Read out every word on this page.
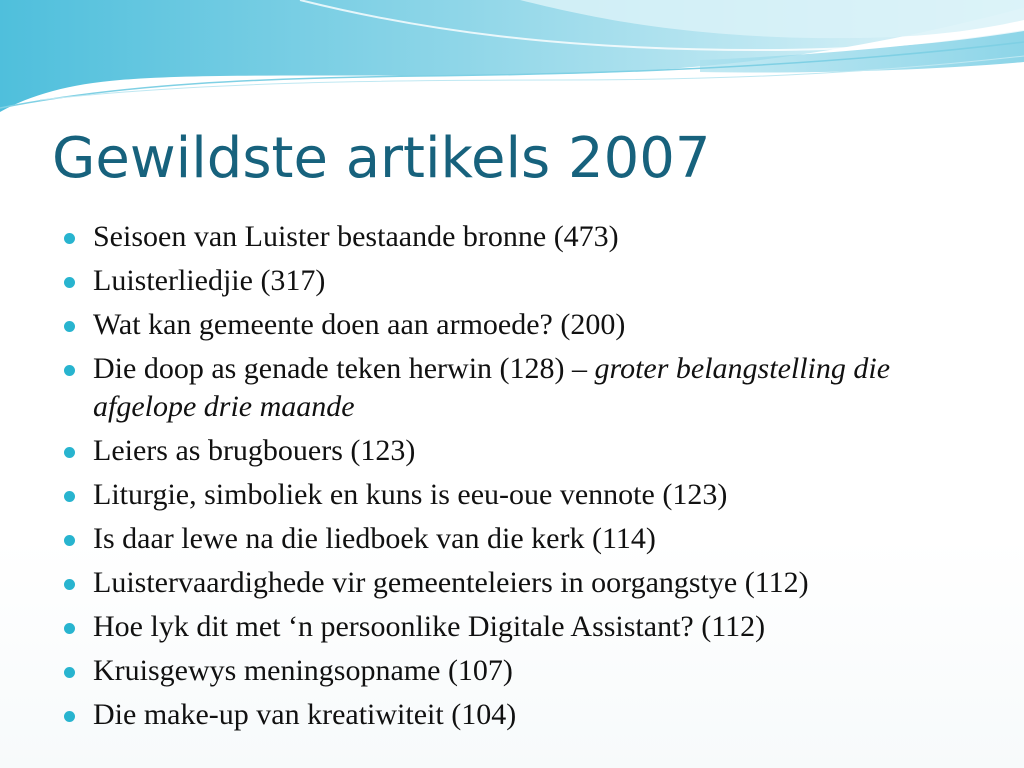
Gewildste artikels 2007
Seisoen van Luister bestaande bronne (473)
Luisterliedjie (317)
Wat kan gemeente doen aan armoede? (200)
Die doop as genade teken herwin (128) – groter belangstelling die afgelope drie maande
Leiers as brugbouers (123)
Liturgie, simboliek en kuns is eeu-oue vennote (123)
Is daar lewe na die liedboek van die kerk (114)
Luistervaardighede vir gemeenteleiers in oorgangstye (112)
Hoe lyk dit met ‘n persoonlike Digitale Assistant? (112)
Kruisgewys meningsopname (107)
Die make-up van kreatiwiteit (104)
